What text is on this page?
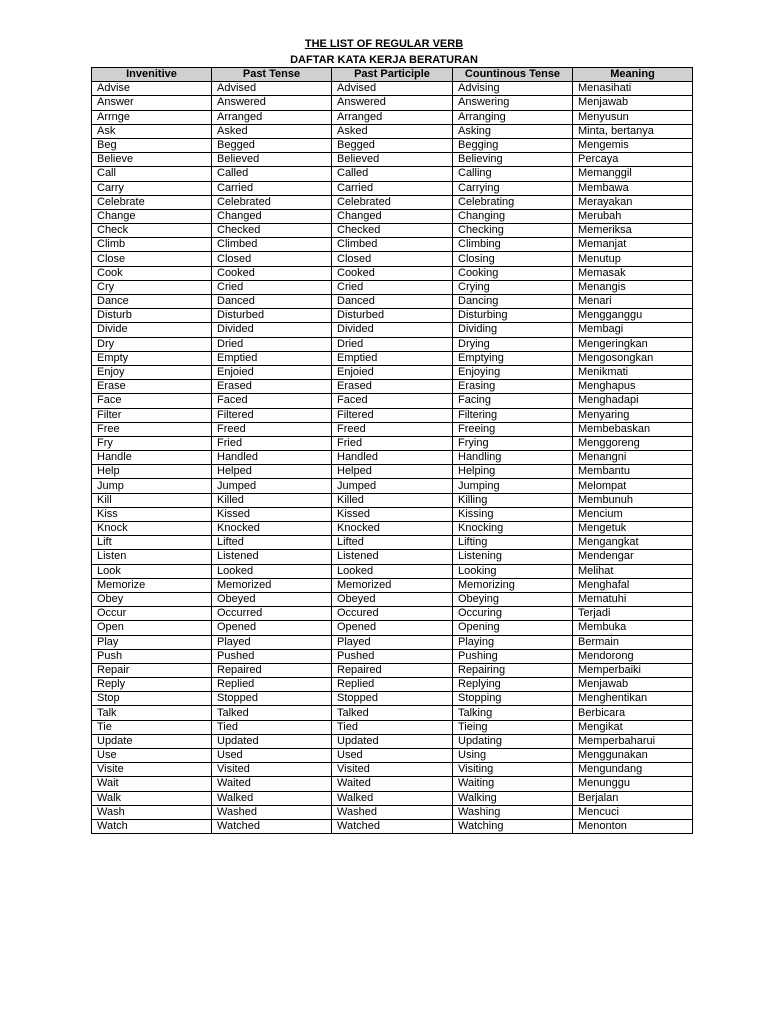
THE LIST OF REGULAR VERB
DAFTAR KATA KERJA BERATURAN
Invenitive	Past Tense	Past Participle	Countinous Tense	Meaning
Advise	Advised	Advised	Advising	Menasihati
Answer	Answered	Answered	Answering	Menjawab
Arrnge	Arranged	Arranged	Arranging	Menyusun
Ask	Asked	Asked	Asking	Minta, bertanya
Beg	Begged	Begged	Begging	Mengemis
Believe	Believed	Believed	Believing	Percaya
Call	Called	Called	Calling	Memanggil
Carry	Carried	Carried	Carrying	Membawa
Celebrate	Celebrated	Celebrated	Celebrating	Merayakan
Change	Changed	Changed	Changing	Merubah
Check	Checked	Checked	Checking	Memeriksa
Climb	Climbed	Climbed	Climbing	Memanjat
Close	Closed	Closed	Closing	Menutup
Cook	Cooked	Cooked	Cooking	Memasak
Cry	Cried	Cried	Crying	Menangis
Dance	Danced	Danced	Dancing	Menari
Disturb	Disturbed	Disturbed	Disturbing	Mengganggu
Divide	Divided	Divided	Dividing	Membagi
Dry	Dried	Dried	Drying	Mengeringkan
Empty	Emptied	Emptied	Emptying	Mengosongkan
Enjoy	Enjoied	Enjoied	Enjoying	Menikmati
Erase	Erased	Erased	Erasing	Menghapus
Face	Faced	Faced	Facing	Menghadapi
Filter	Filtered	Filtered	Filtering	Menyaring
Free	Freed	Freed	Freeing	Membebaskan
Fry	Fried	Fried	Frying	Menggoreng
Handle	Handled	Handled	Handling	Menangni
Help	Helped	Helped	Helping	Membantu
Jump	Jumped	Jumped	Jumping	Melompat
Kill	Killed	Killed	Killing	Membunuh
Kiss	Kissed	Kissed	Kissing	Mencium
Knock	Knocked	Knocked	Knocking	Mengetuk
Lift	Lifted	Lifted	Lifting	Mengangkat
Listen	Listened	Listened	Listening	Mendengar
Look	Looked	Looked	Looking	Melihat
Memorize	Memorized	Memorized	Memorizing	Menghafal
Obey	Obeyed	Obeyed	Obeying	Mematuhi
Occur	Occurred	Occured	Occuring	Terjadi
Open	Opened	Opened	Opening	Membuka
Play	Played	Played	Playing	Bermain
Push	Pushed	Pushed	Pushing	Mendorong
Repair	Repaired	Repaired	Repairing	Memperbaiki
Reply	Replied	Replied	Replying	Menjawab
Stop	Stopped	Stopped	Stopping	Menghentikan
Talk	Talked	Talked	Talking	Berbicara
Tie	Tied	Tied	Tieing	Mengikat
Update	Updated	Updated	Updating	Memperbaharui
Use	Used	Used	Using	Menggunakan
Visite	Visited	Visited	Visiting	Mengundang
Wait	Waited	Waited	Waiting	Menunggu
Walk	Walked	Walked	Walking	Berjalan
Wash	Washed	Washed	Washing	Mencuci
Watch	Watched	Watched	Watching	Menonton
